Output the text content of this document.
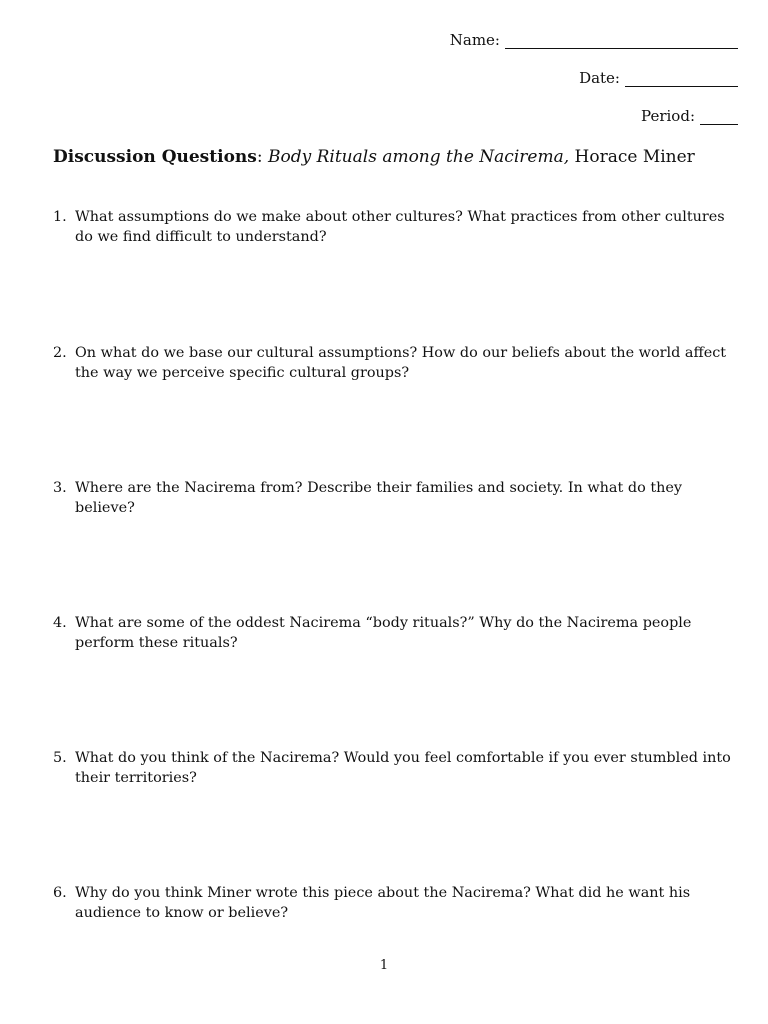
Name:
Date:
Period:
Discussion Questions: Body Rituals among the Nacirema, Horace Miner
1. What assumptions do we make about other cultures? What practices from other cultures do we find difficult to understand?
2. On what do we base our cultural assumptions? How do our beliefs about the world affect the way we perceive specific cultural groups?
3. Where are the Nacirema from? Describe their families and society. In what do they believe?
4. What are some of the oddest Nacirema “body rituals?” Why do the Nacirema people perform these rituals?
5. What do you think of the Nacirema? Would you feel comfortable if you ever stumbled into their territories?
6. Why do you think Miner wrote this piece about the Nacirema? What did he want his audience to know or believe?
1
